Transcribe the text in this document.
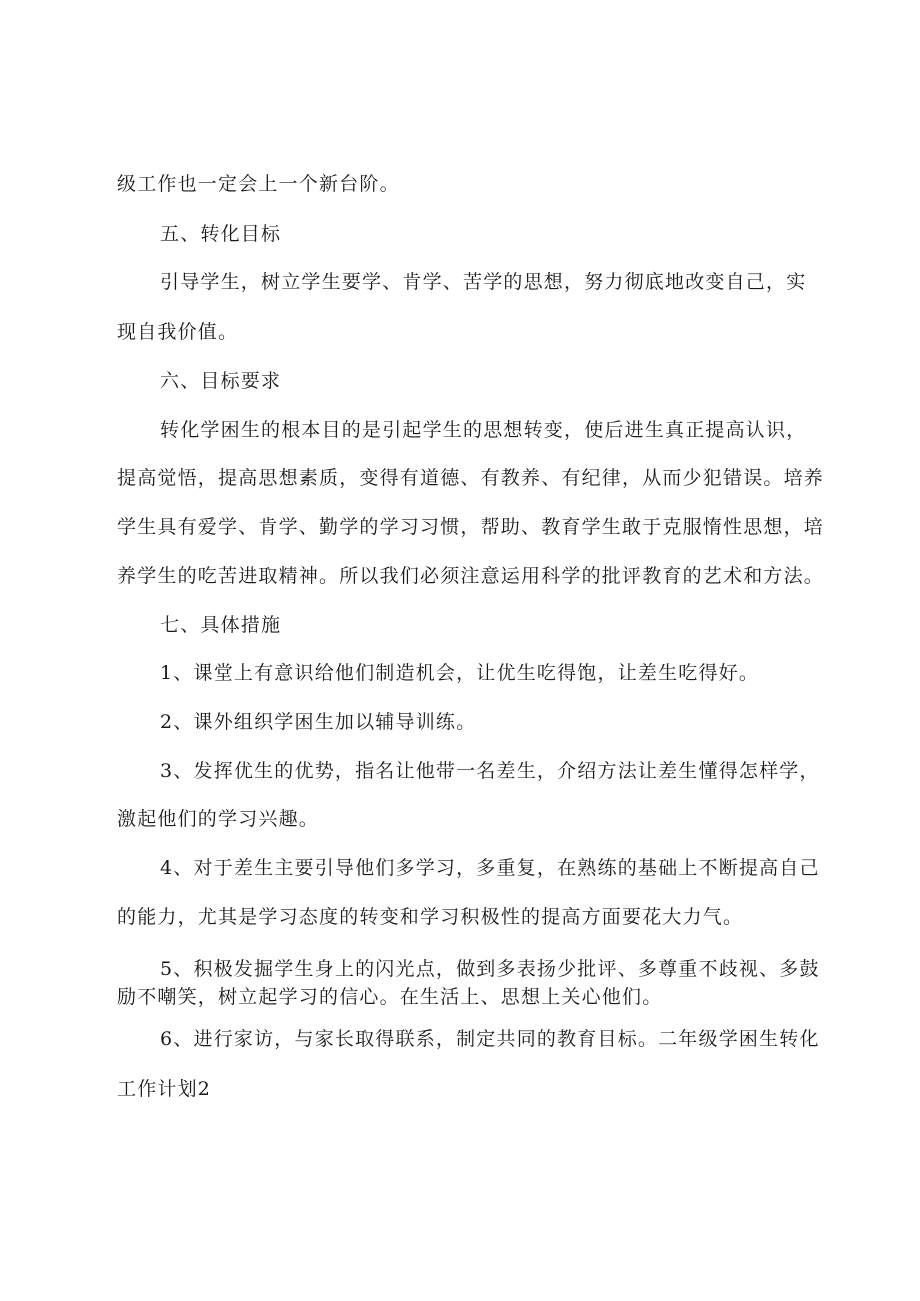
级工作也一定会上一个新台阶。
五、转化目标
引导学生，树立学生要学、肯学、苦学的思想，努力彻底地改变自己，实
现自我价值。
六、目标要求
转化学困生的根本目的是引起学生的思想转变，使后进生真正提高认识，
提高觉悟，提高思想素质，变得有道德、有教养、有纪律，从而少犯错误。培养
学生具有爱学、肯学、勤学的学习习惯，帮助、教育学生敢于克服惰性思想，培
养学生的吃苦进取精神。所以我们必须注意运用科学的批评教育的艺术和方法。
七、具体措施
1、课堂上有意识给他们制造机会，让优生吃得饱，让差生吃得好。
2、课外组织学困生加以辅导训练。
3、发挥优生的优势，指名让他带一名差生，介绍方法让差生懂得怎样学，
激起他们的学习兴趣。
4、对于差生主要引导他们多学习，多重复，在熟练的基础上不断提高自己
的能力，尤其是学习态度的转变和学习积极性的提高方面要花大力气。
5、积极发掘学生身上的闪光点，做到多表扬少批评、多尊重不歧视、多鼓
励不嘲笑，树立起学习的信心。在生活上、思想上关心他们。
6、进行家访，与家长取得联系，制定共同的教育目标。二年级学困生转化
工作计划2
